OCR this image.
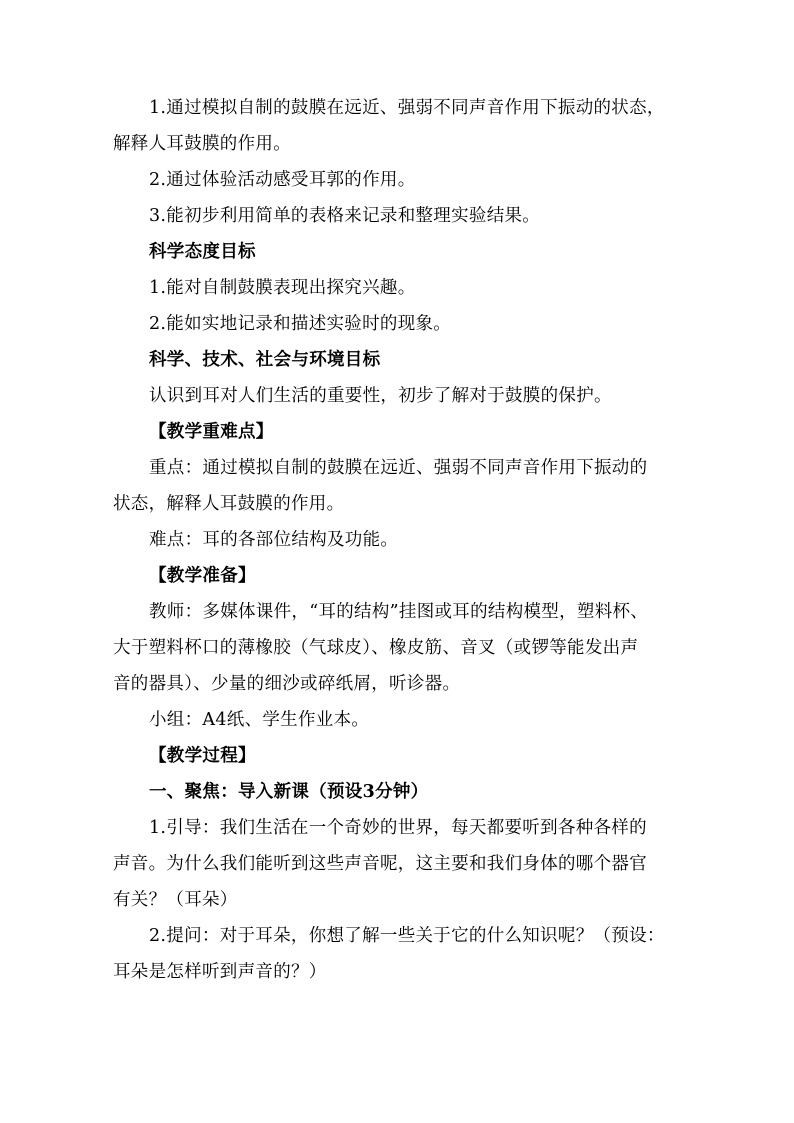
1.通过模拟自制的鼓膜在远近、强弱不同声音作用下振动的状态，
解释人耳鼓膜的作用。
2.通过体验活动感受耳郭的作用。
3.能初步利用简单的表格来记录和整理实验结果。
科学态度目标
1.能对自制鼓膜表现出探究兴趣。
2.能如实地记录和描述实验时的现象。
科学、技术、社会与环境目标
认识到耳对人们生活的重要性，初步了解对于鼓膜的保护。
【教学重难点】
重点：通过模拟自制的鼓膜在远近、强弱不同声音作用下振动的
状态，解释人耳鼓膜的作用。
难点：耳的各部位结构及功能。
【教学准备】
教师：多媒体课件，“耳的结构”挂图或耳的结构模型，塑料杯、
大于塑料杯口的薄橡胶（气球皮）、橡皮筋、音叉（或锣等能发出声
音的器具）、少量的细沙或碎纸屑，听诊器。
小组：A4纸、学生作业本。
【教学过程】
一、聚焦：导入新课（预设3分钟）
1.引导：我们生活在一个奇妙的世界，每天都要听到各种各样的
声音。为什么我们能听到这些声音呢，这主要和我们身体的哪个器官
有关？（耳朵）
2.提问：对于耳朵，你想了解一些关于它的什么知识呢？（预设：
耳朵是怎样听到声音的？）
